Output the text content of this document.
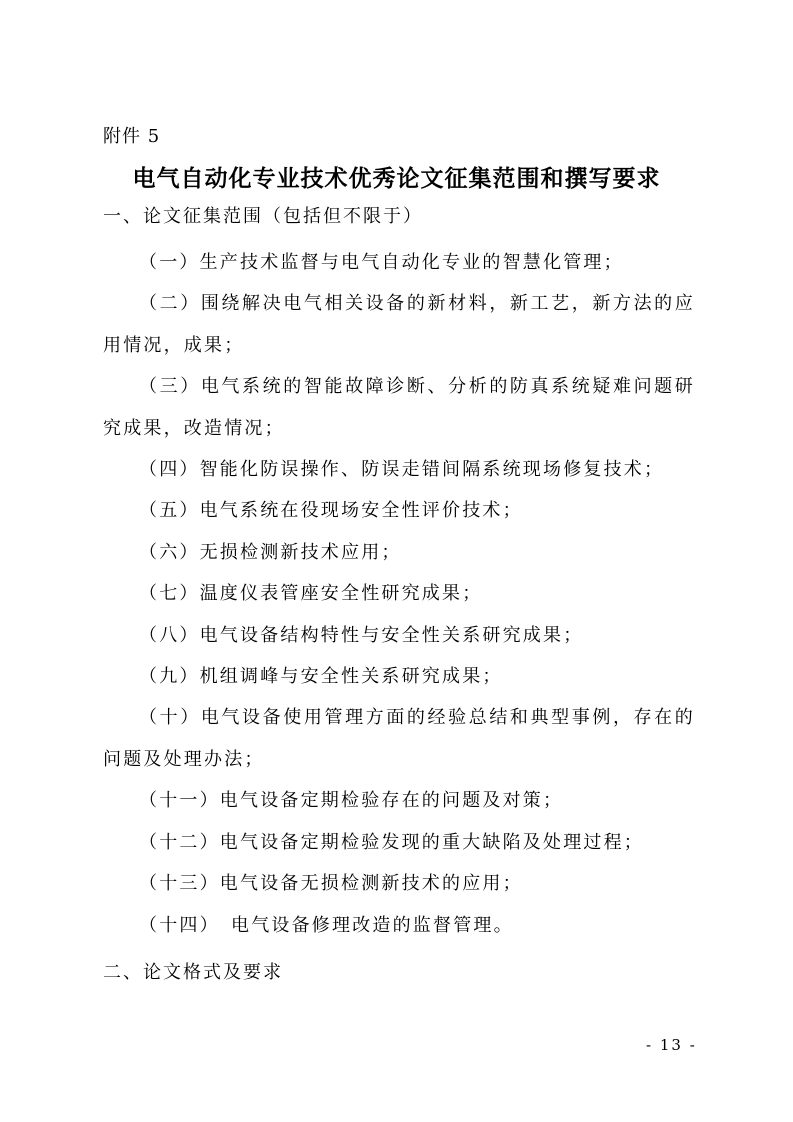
附件 5
电气自动化专业技术优秀论文征集范围和撰写要求
一、论文征集范围（包括但不限于）
（一）生产技术监督与电气自动化专业的智慧化管理；
（二）围绕解决电气相关设备的新材料，新工艺，新方法的应用情况，成果；
（三）电气系统的智能故障诊断、分析的防真系统疑难问题研究成果，改造情况；
（四）智能化防误操作、防误走错间隔系统现场修复技术；
（五）电气系统在役现场安全性评价技术；
（六）无损检测新技术应用；
（七）温度仪表管座安全性研究成果；
（八）电气设备结构特性与安全性关系研究成果；
（九）机组调峰与安全性关系研究成果；
（十）电气设备使用管理方面的经验总结和典型事例，存在的问题及处理办法；
（十一）电气设备定期检验存在的问题及对策；
（十二）电气设备定期检验发现的重大缺陷及处理过程；
（十三）电气设备无损检测新技术的应用；
（十四）　电气设备修理改造的监督管理。
二、论文格式及要求
- 13 -
